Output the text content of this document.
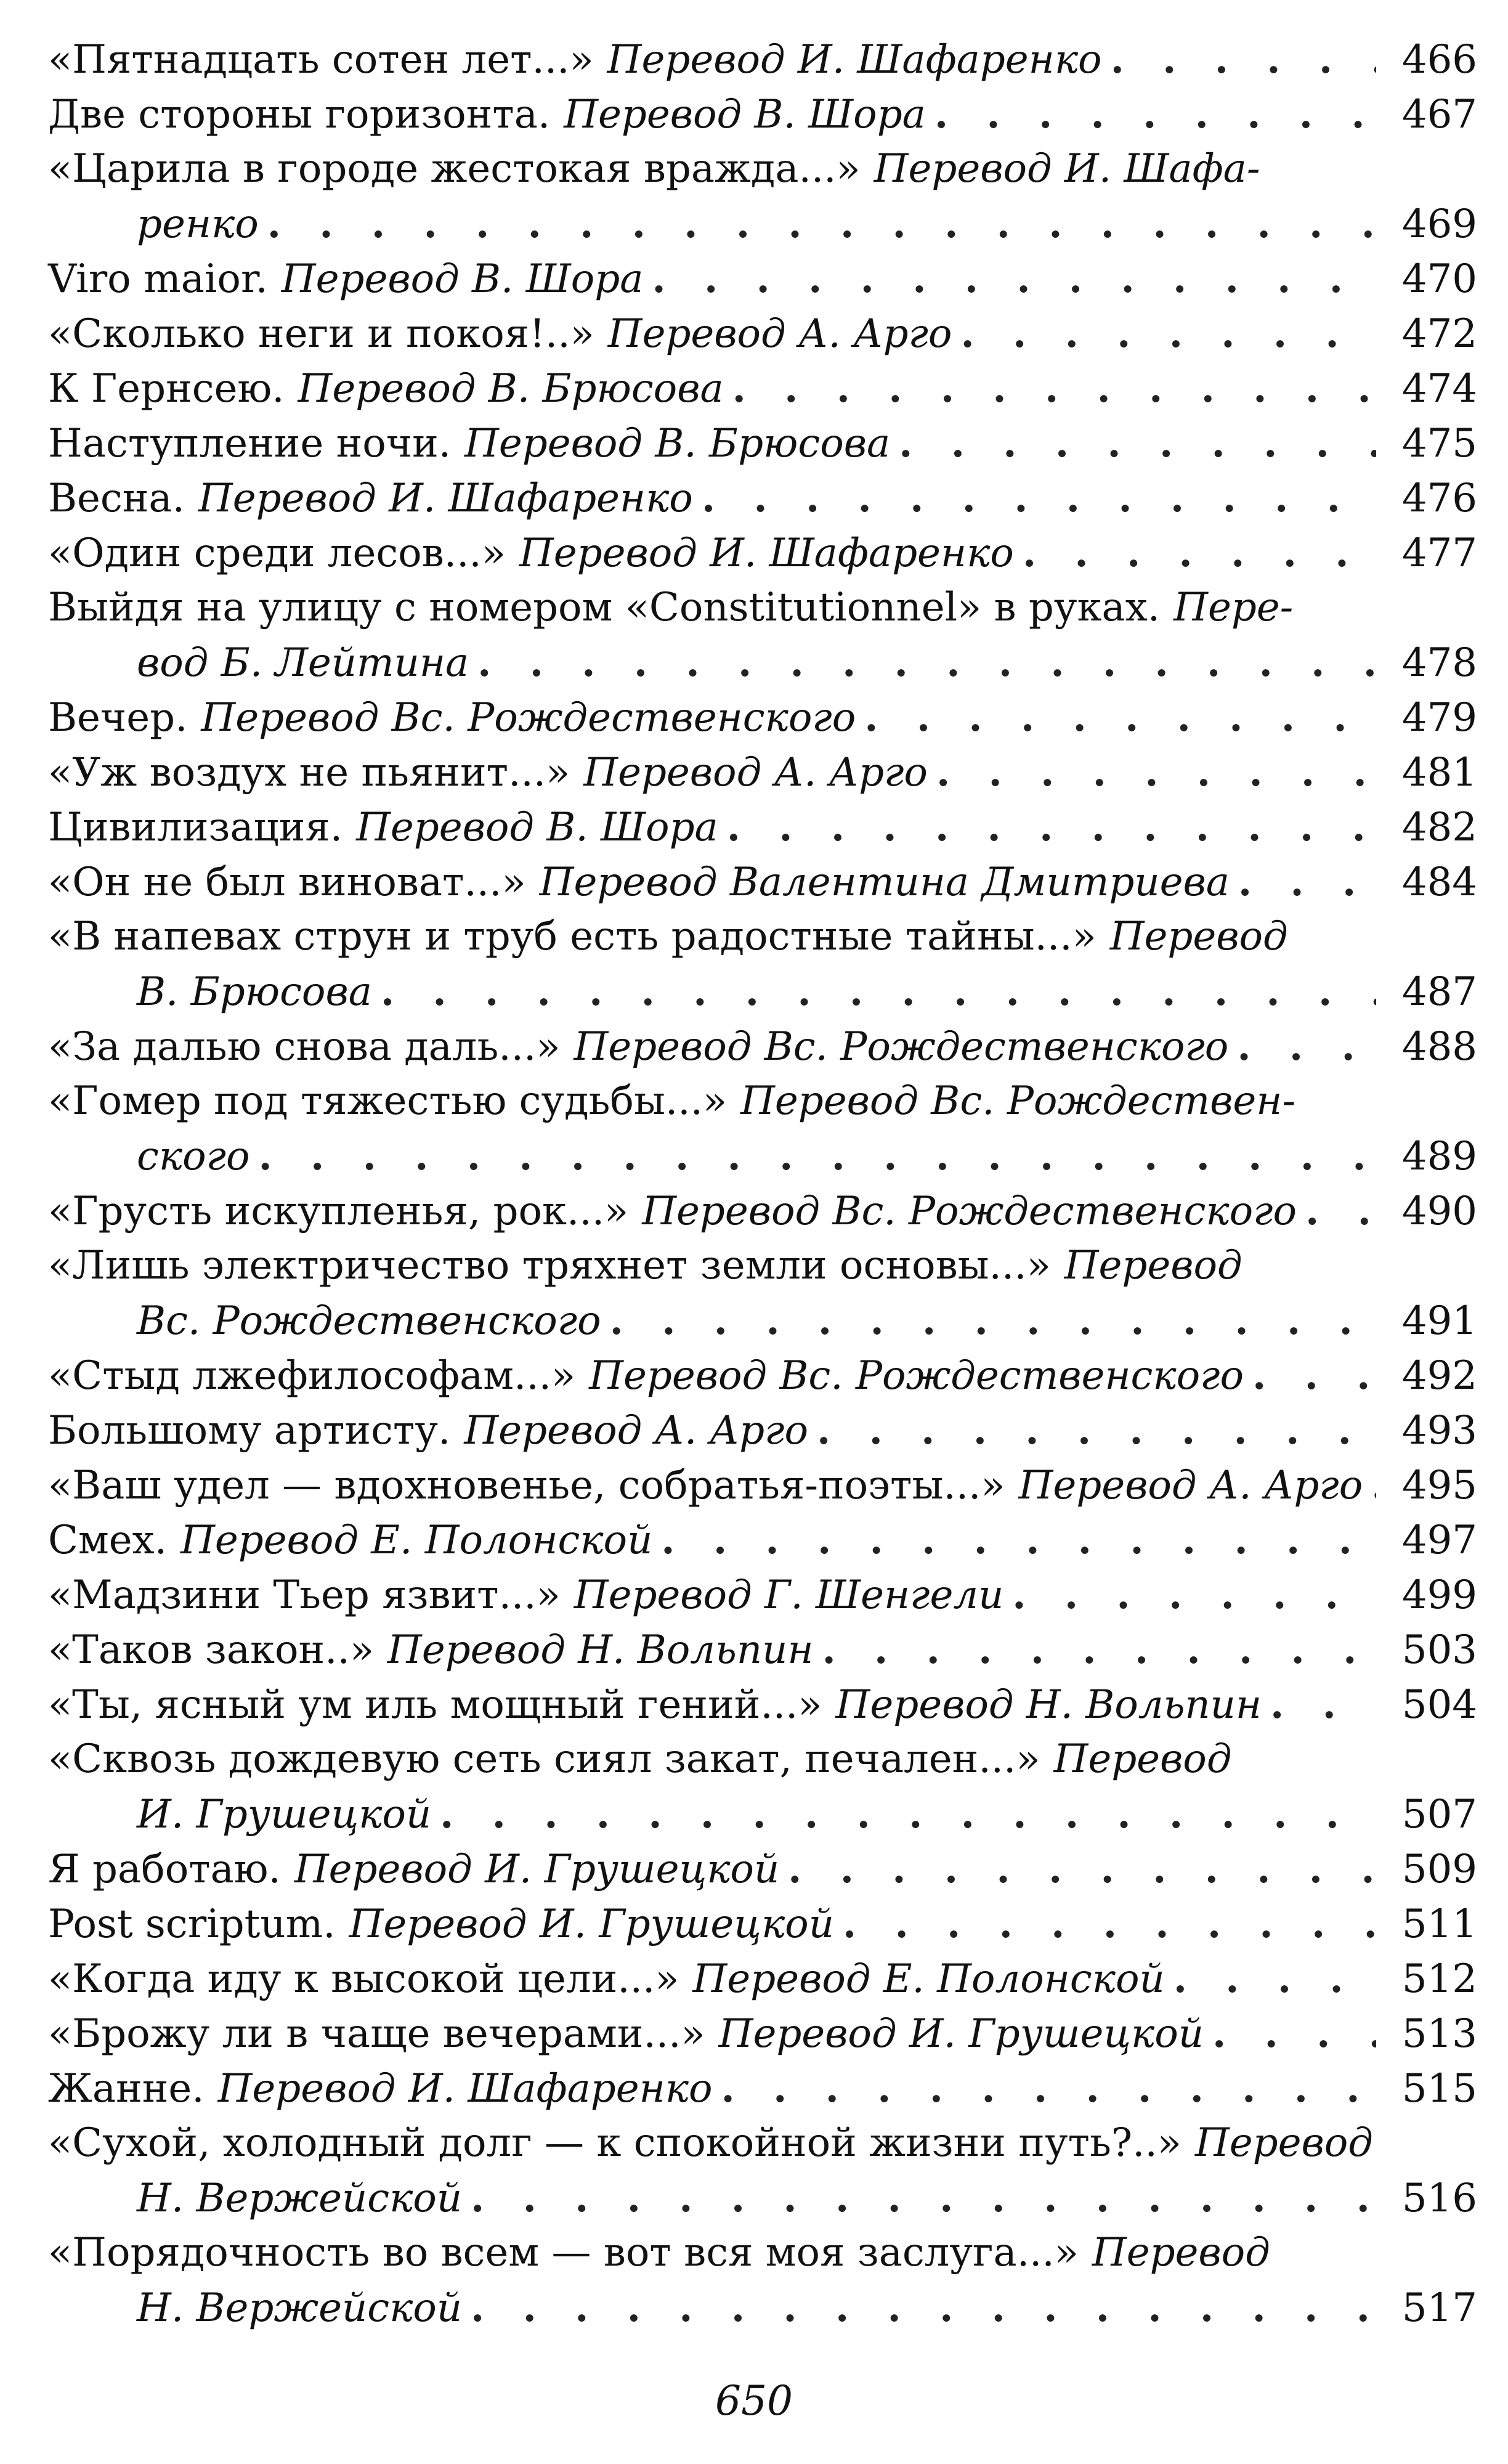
«Пятнадцать сотен лет...» Перевод И. Шафаренко . . .	466
Две стороны горизонта. Перевод В. Шора . . .	467
«Царила в городе жестокая вражда...» Перевод И. Шафа-
ренко . . .	469
Viro maior. Перевод В. Шора . . .	470
«Сколько неги и покоя!..» Перевод А. Арго . . .	472
К Гернсею. Перевод В. Брюсова . . .	474
Наступление ночи. Перевод В. Брюсова . . .	475
Весна. Перевод И. Шафаренко . . .	476
«Один среди лесов...» Перевод И. Шафаренко . . .	477
Выйдя на улицу с номером «Constitutionnel» в руках. Пере-
вод Б. Лейтина . . .	478
Вечер. Перевод Вс. Рождественского . . .	479
«Уж воздух не пьянит...» Перевод А. Арго . . .	481
Цивилизация. Перевод В. Шора . . .	482
«Он не был виноват...» Перевод Валентина Дмитриева . . .	484
«В напевах струн и труб есть радостные тайны...» Перевод
В. Брюсова . . .	487
«За далью снова даль...» Перевод Вс. Рождественского . . .	488
«Гомер под тяжестью судьбы...» Перевод Вс. Рождествен-
ского . . .	489
«Грусть искупленья, рок...» Перевод Вс. Рождественского . . .	490
«Лишь электричество тряхнет земли основы...» Перевод
Вс. Рождественского . . .	491
«Стыд лжефилософам...» Перевод Вс. Рождественского . . .	492
Большому артисту. Перевод А. Арго . . .	493
«Ваш удел — вдохновенье, собратья-поэты...» Перевод А. Арго . . . 495
Смех. Перевод Е. Полонской . . .	497
«Мадзини Тьер язвит...» Перевод Г. Шенгели . . .	499
«Таков закон..» Перевод Н. Вольпин . . .	503
«Ты, ясный ум иль мощный гений...» Перевод Н. Вольпин . . .	504
«Сквозь дождевую сеть сиял закат, печален...» Перевод
И. Грушецкой . . .	507
Я работаю. Перевод И. Грушецкой . . .	509
Post scriptum. Перевод И. Грушецкой . . .	511
«Когда иду к высокой цели...» Перевод Е. Полонской . . .	512
«Брожу ли в чаще вечерами...» Перевод И. Грушецкой . . .	513
Жанне. Перевод И. Шафаренко . . .	515
«Сухой, холодный долг — к спокойной жизни путь?..» Перевод
Н. Вержейской . . .	516
«Порядочность во всем — вот вся моя заслуга...» Перевод
Н. Вержейской . . .	517
650
